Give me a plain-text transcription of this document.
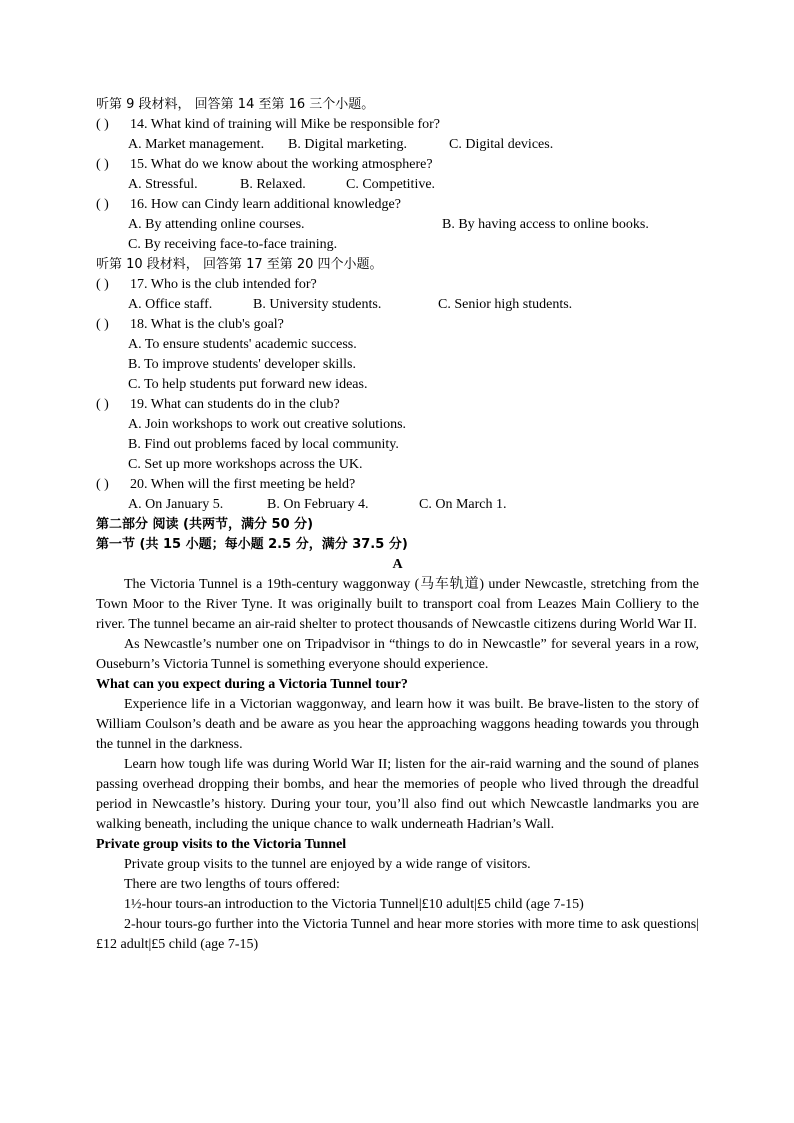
听第 9 段材料， 回答第 14 至第 16 三个小题。
( ) 14. What kind of training will Mike be responsible for?
A. Market management.	B. Digital marketing.	C. Digital devices.
( ) 15. What do we know about the working atmosphere?
A. Stressful.	B. Relaxed.	C. Competitive.
( ) 16. How can Cindy learn additional knowledge?
A. By attending online courses.	B. By having access to online books.
C. By receiving face-to-face training.
听第 10 段材料， 回答第 17 至第 20 四个小题。
( ) 17. Who is the club intended for?
A. Office staff.	B. University students.	C. Senior high students.
( ) 18. What is the club's goal?
A. To ensure students' academic success.
B. To improve students' developer skills.
C. To help students put forward new ideas.
( ) 19. What can students do in the club?
A. Join workshops to work out creative solutions.
B. Find out problems faced by local community.
C. Set up more workshops across the UK.
( ) 20. When will the first meeting be held?
A. On January 5.	B. On February 4.	C. On March 1.
第二部分 阅读 (共两节，满分 50 分)
第一节 (共 15 小题；每小题 2.5 分，满分 37.5 分)
A
The Victoria Tunnel is a 19th-century waggonway (马车轨道) under Newcastle, stretching from the Town Moor to the River Tyne. It was originally built to transport coal from Leazes Main Colliery to the river. The tunnel became an air-raid shelter to protect thousands of Newcastle citizens during World War II.
As Newcastle’s number one on Tripadvisor in “things to do in Newcastle” for several years in a row, Ouseburn’s Victoria Tunnel is something everyone should experience.
What can you expect during a Victoria Tunnel tour?
Experience life in a Victorian waggonway, and learn how it was built. Be brave-listen to the story of William Coulson’s death and be aware as you hear the approaching waggons heading towards you through the tunnel in the darkness.
Learn how tough life was during World War II; listen for the air-raid warning and the sound of planes passing overhead dropping their bombs, and hear the memories of people who lived through the dreadful period in Newcastle’s history. During your tour, you’ll also find out which Newcastle landmarks you are walking beneath, including the unique chance to walk underneath Hadrian’s Wall.
Private group visits to the Victoria Tunnel
Private group visits to the tunnel are enjoyed by a wide range of visitors.
There are two lengths of tours offered:
1½-hour tours-an introduction to the Victoria Tunnel|£10 adult|£5 child (age 7-15)
2-hour tours-go further into the Victoria Tunnel and hear more stories with more time to ask questions|£12 adult|£5 child (age 7-15)
